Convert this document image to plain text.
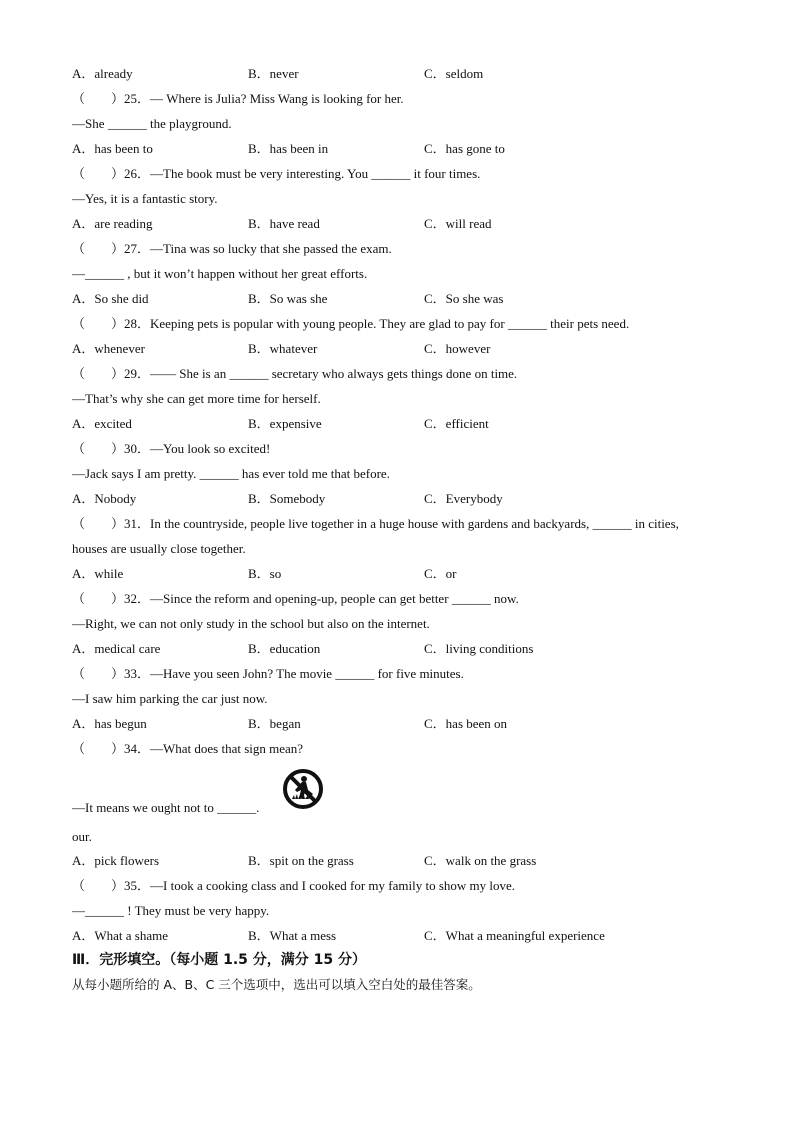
A．already	B．never	C．seldom
（　　）25．— Where is Julia? Miss Wang is looking for her.
—She ______ the playground.
A．has been to	B．has been in	C．has gone to
（　　）26．—The book must be very interesting. You ______ it four times.
—Yes, it is a fantastic story.
A．are reading	B．have read	C．will read
（　　）27．—Tina was so lucky that she passed the exam.
—______ , but it won’t happen without her great efforts.
A．So she did	B．So was she	C．So she was
（　　）28．Keeping pets is popular with young people. They are glad to pay for ______ their pets need.
A．whenever	B．whatever	C．however
（　　）29．—— She is an ______ secretary who always gets things done on time.
—That’s why she can get more time for herself.
A．excited	B．expensive	C．efficient
（　　）30．—You look so excited!
—Jack says I am pretty. ______ has ever told me that before.
A．Nobody	B．Somebody	C．Everybody
（　　）31．In the countryside, people live together in a huge house with gardens and backyards, ______ in cities,
houses are usually close together.
A．while	B．so	C．or
（　　）32．—Since the reform and opening-up, people can get better ______ now.
—Right, we can not only study in the school but also on the internet.
A．medical care	B．education	C．living conditions
（　　）33．—Have you seen John? The movie ______ for five minutes.
—I saw him parking the car just now.
A．has begun	B．began	C．has been on
（　　）34．—What does that sign mean?
—It means we ought not to ______.
our.
A．pick flowers	B．spit on the grass	C．walk on the grass
（　　）35．—I took a cooking class and I cooked for my family to show my love.
—______ ! They must be very happy.
A．What a shame	B．What a mess	C．What a meaningful experience
Ⅲ．完形填空。（每小题 1.5 分，满分 15 分）
从每小题所给的 A、B、C 三个选项中，选出可以填入空白处的最佳答案。
